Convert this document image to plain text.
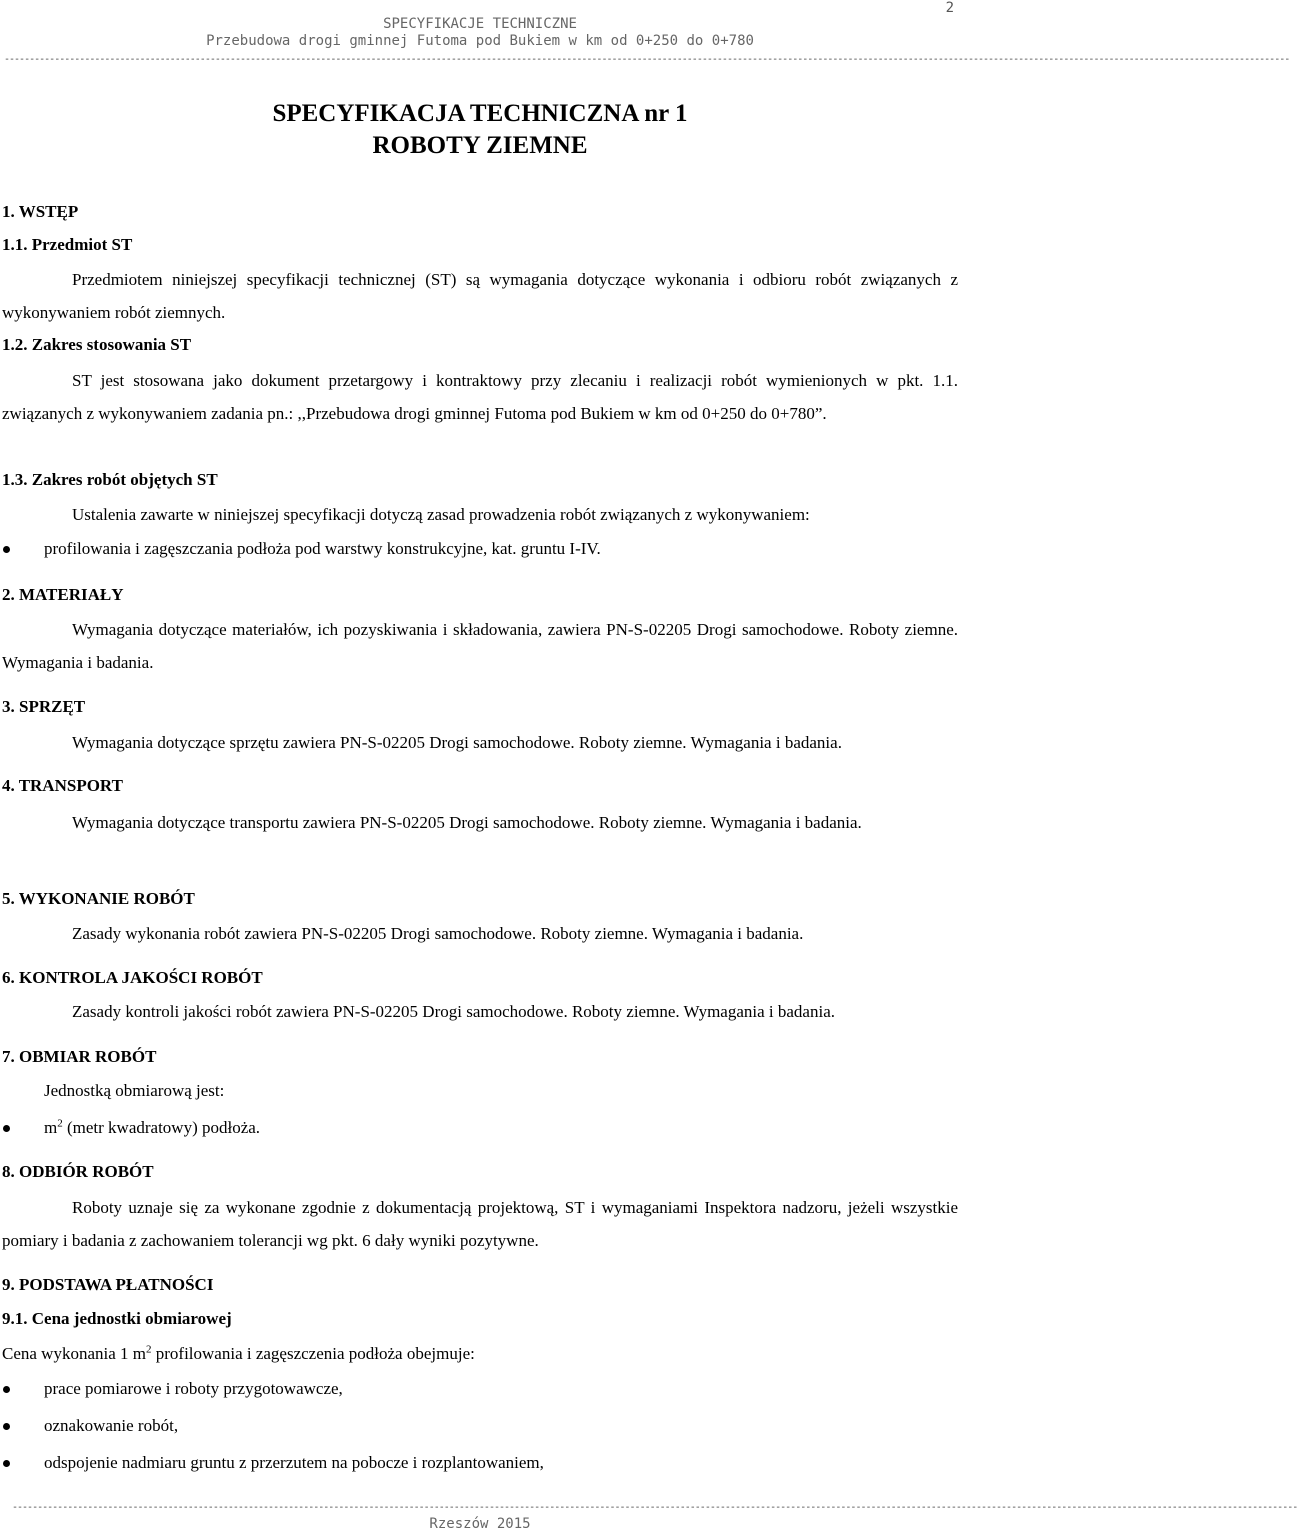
2
SPECYFIKACJE TECHNICZNE
Przebudowa drogi gminnej Futoma pod Bukiem w km od 0+250 do 0+780
----------------------------------------------------------------------------------------------------------------------------------------------------------------------------------------------------------------------------------------------------------------
SPECYFIKACJA TECHNICZNA nr 1
ROBOTY ZIEMNE
1. WSTĘP
1.1. Przedmiot ST
Przedmiotem niniejszej specyfikacji technicznej (ST) są wymagania dotyczące wykonania i odbioru robót związanych z wykonywaniem robót ziemnych.
1.2. Zakres stosowania ST
ST jest stosowana jako dokument przetargowy i kontraktowy przy zlecaniu i realizacji robót wymienionych w pkt. 1.1. związanych z wykonywaniem zadania pn.: ,,Przebudowa drogi gminnej Futoma pod Bukiem w km od 0+250 do 0+780”.
1.3. Zakres robót objętych ST
Ustalenia zawarte w niniejszej specyfikacji dotyczą zasad prowadzenia robót związanych z wykonywaniem:
profilowania i zagęszczania podłoża pod warstwy konstrukcyjne, kat. gruntu I-IV.
2. MATERIAŁY
Wymagania dotyczące materiałów, ich pozyskiwania i składowania, zawiera PN-S-02205 Drogi samochodowe. Roboty ziemne. Wymagania i badania.
3. SPRZĘT
Wymagania dotyczące sprzętu zawiera PN-S-02205 Drogi samochodowe. Roboty ziemne. Wymagania i badania.
4. TRANSPORT
Wymagania dotyczące transportu zawiera PN-S-02205 Drogi samochodowe. Roboty ziemne. Wymagania i badania.
5. WYKONANIE ROBÓT
Zasady wykonania robót zawiera PN-S-02205 Drogi samochodowe. Roboty ziemne. Wymagania i badania.
6. KONTROLA JAKOŚCI ROBÓT
Zasady kontroli jakości robót zawiera PN-S-02205 Drogi samochodowe. Roboty ziemne. Wymagania i badania.
7. OBMIAR ROBÓT
Jednostką obmiarową jest:
$m^2$ (metr kwadratowy) podłoża.
8. ODBIÓR ROBÓT
Roboty uznaje się za wykonane zgodnie z dokumentacją projektową, ST i wymaganiami Inspektora nadzoru, jeżeli wszystkie pomiary i badania z zachowaniem tolerancji wg pkt. 6 dały wyniki pozytywne.
9. PODSTAWA PŁATNOŚCI
9.1. Cena jednostki obmiarowej
Cena wykonania 1 $m^2$ profilowania i zagęszczenia podłoża obejmuje:
prace pomiarowe i roboty przygotowawcze,
oznakowanie robót,
odspojenie nadmiaru gruntu z przerzutem na pobocze i rozplantowaniem,
----------------------------------------------------------------------------------------------------------------------------------------------------------------------------------------------------------------------------------------------------------------
Rzeszów 2015
